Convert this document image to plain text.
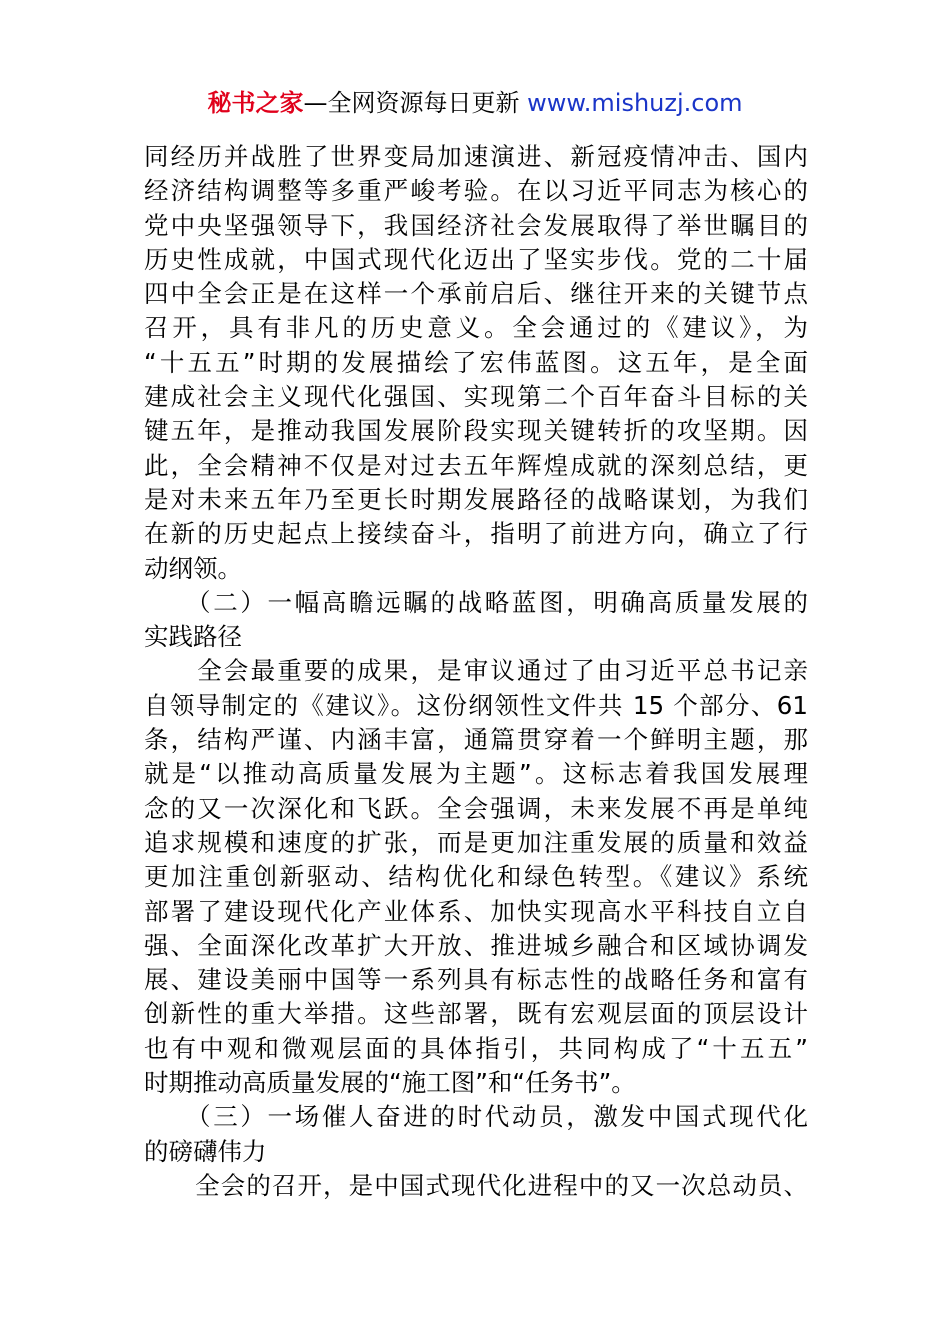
秘书之家—全网资源每日更新 www.mishuzj.com
同经历并战胜了世界变局加速演进、新冠疫情冲击、国内
经济结构调整等多重严峻考验。在以习近平同志为核心的
党中央坚强领导下，我国经济社会发展取得了举世瞩目的
历史性成就，中国式现代化迈出了坚实步伐。党的二十届
四中全会正是在这样一个承前启后、继往开来的关键节点
召开，具有非凡的历史意义。全会通过的《建议》，为
“十五五”时期的发展描绘了宏伟蓝图。这五年，是全面
建成社会主义现代化强国、实现第二个百年奋斗目标的关
键五年，是推动我国发展阶段实现关键转折的攻坚期。因
此，全会精神不仅是对过去五年辉煌成就的深刻总结，更
是对未来五年乃至更长时期发展路径的战略谋划，为我们
在新的历史起点上接续奋斗，指明了前进方向，确立了行
动纲领。
　　（二）一幅高瞻远瞩的战略蓝图，明确高质量发展的
实践路径
　　全会最重要的成果，是审议通过了由习近平总书记亲
自领导制定的《建议》。这份纲领性文件共 15 个部分、61
条，结构严谨、内涵丰富，通篇贯穿着一个鲜明主题，那
就是“以推动高质量发展为主题”。这标志着我国发展理
念的又一次深化和飞跃。全会强调，未来发展不再是单纯
追求规模和速度的扩张，而是更加注重发展的质量和效益
更加注重创新驱动、结构优化和绿色转型。《建议》系统
部署了建设现代化产业体系、加快实现高水平科技自立自
强、全面深化改革扩大开放、推进城乡融合和区域协调发
展、建设美丽中国等一系列具有标志性的战略任务和富有
创新性的重大举措。这些部署，既有宏观层面的顶层设计
也有中观和微观层面的具体指引，共同构成了“十五五”
时期推动高质量发展的“施工图”和“任务书”。
　　（三）一场催人奋进的时代动员，激发中国式现代化
的磅礴伟力
　　全会的召开，是中国式现代化进程中的又一次总动员、
